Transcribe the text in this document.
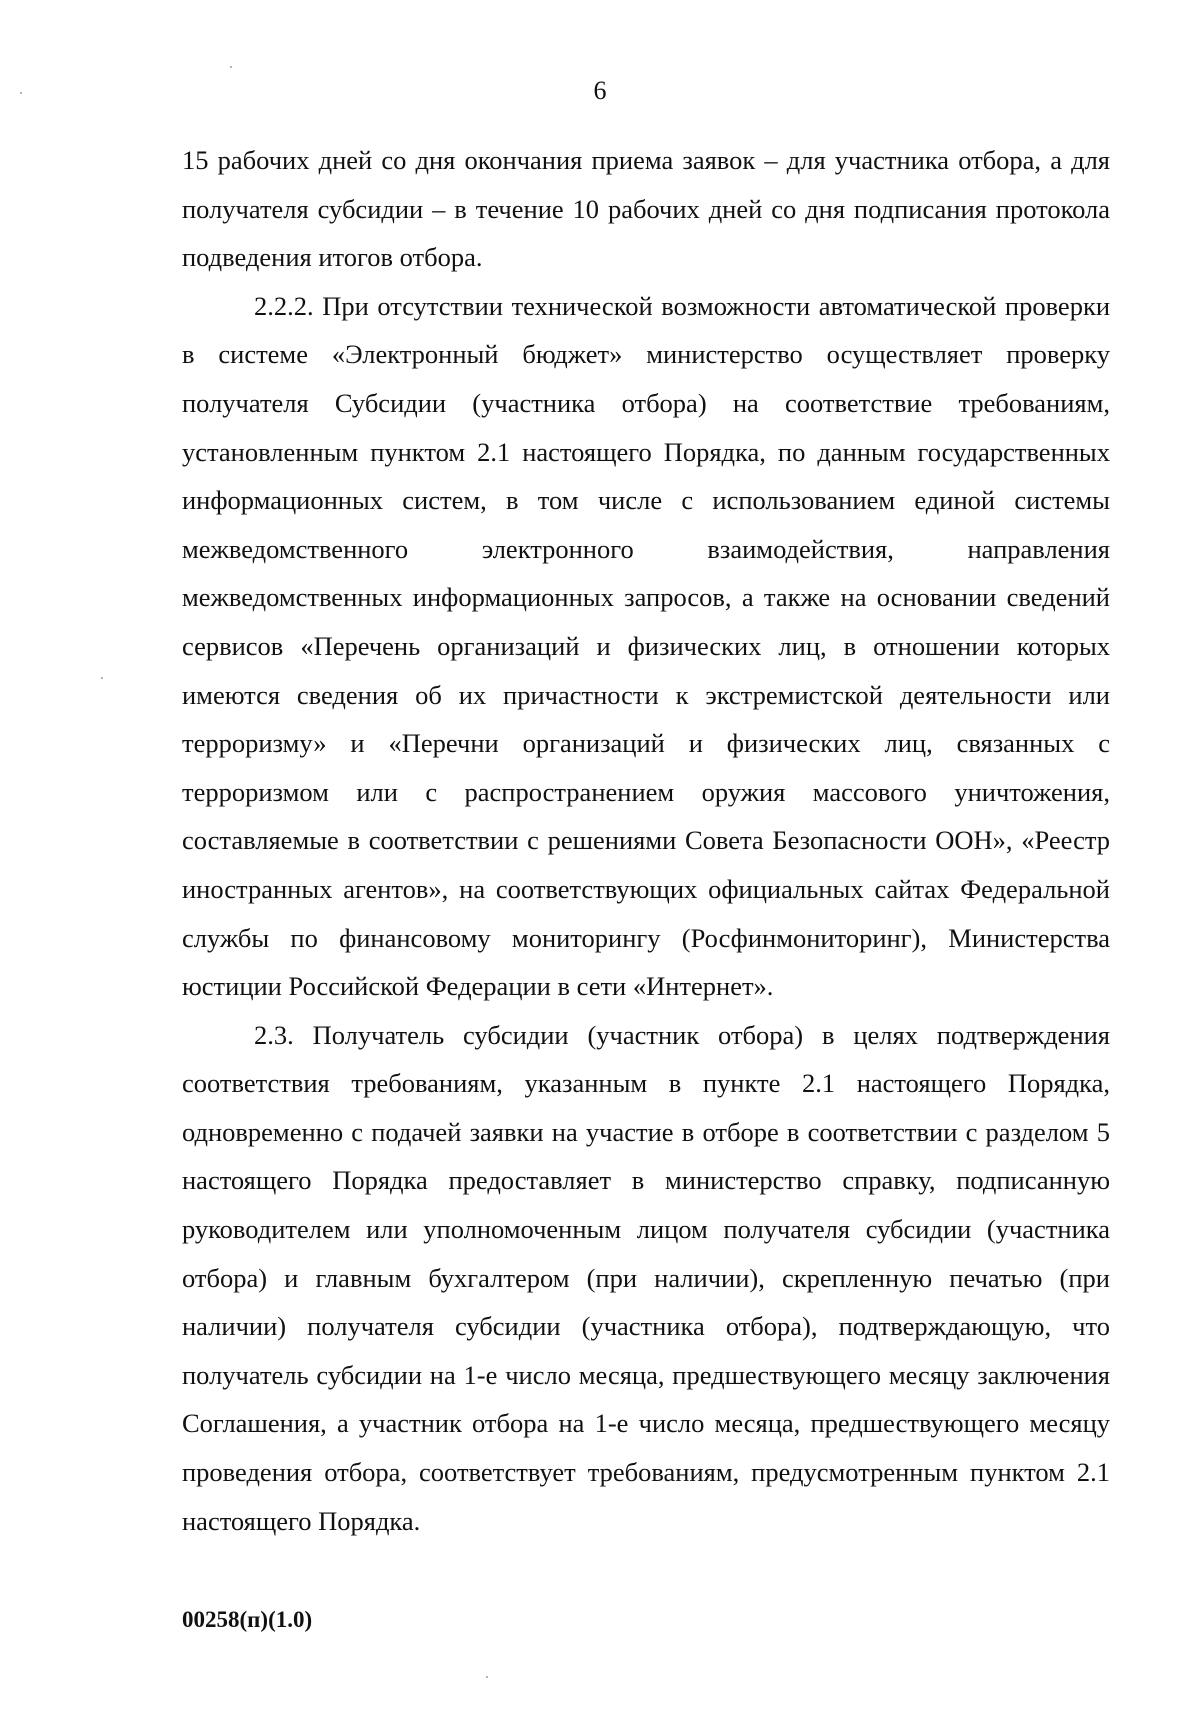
6

15 рабочих дней со дня окончания приема заявок – для участника отбора, а для получателя субсидии – в течение 10 рабочих дней со дня подписания протокола подведения итогов отбора.

2.2.2. При отсутствии технической возможности автоматической проверки в системе «Электронный бюджет» министерство осуществляет проверку получателя Субсидии (участника отбора) на соответствие требованиям, установленным пунктом 2.1 настоящего Порядка, по данным государственных информационных систем, в том числе с использованием единой системы межведомственного электронного взаимодействия, направления межведомственных информационных запросов, а также на основании сведений сервисов «Перечень организаций и физических лиц, в отношении которых имеются сведения об их причастности к экстремистской деятельности или терроризму» и «Перечни организаций и физических лиц, связанных с терроризмом или с распространением оружия массового уничтожения, составляемые в соответствии с решениями Совета Безопасности ООН», «Реестр иностранных агентов», на соответствующих официальных сайтах Федеральной службы по финансовому мониторингу (Росфинмониторинг), Министерства юстиции Российской Федерации в сети «Интернет».

2.3. Получатель субсидии (участник отбора) в целях подтверждения соответствия требованиям, указанным в пункте 2.1 настоящего Порядка, одновременно с подачей заявки на участие в отборе в соответствии с разделом 5 настоящего Порядка предоставляет в министерство справку, подписанную руководителем или уполномоченным лицом получателя субсидии (участника отбора) и главным бухгалтером (при наличии), скрепленную печатью (при наличии) получателя субсидии (участника отбора), подтверждающую, что получатель субсидии на 1-е число месяца, предшествующего месяцу заключения Соглашения, а участник отбора на 1-е число месяца, предшествующего месяцу проведения отбора, соответствует требованиям, предусмотренным пунктом 2.1 настоящего Порядка.

00258(п)(1.0)
